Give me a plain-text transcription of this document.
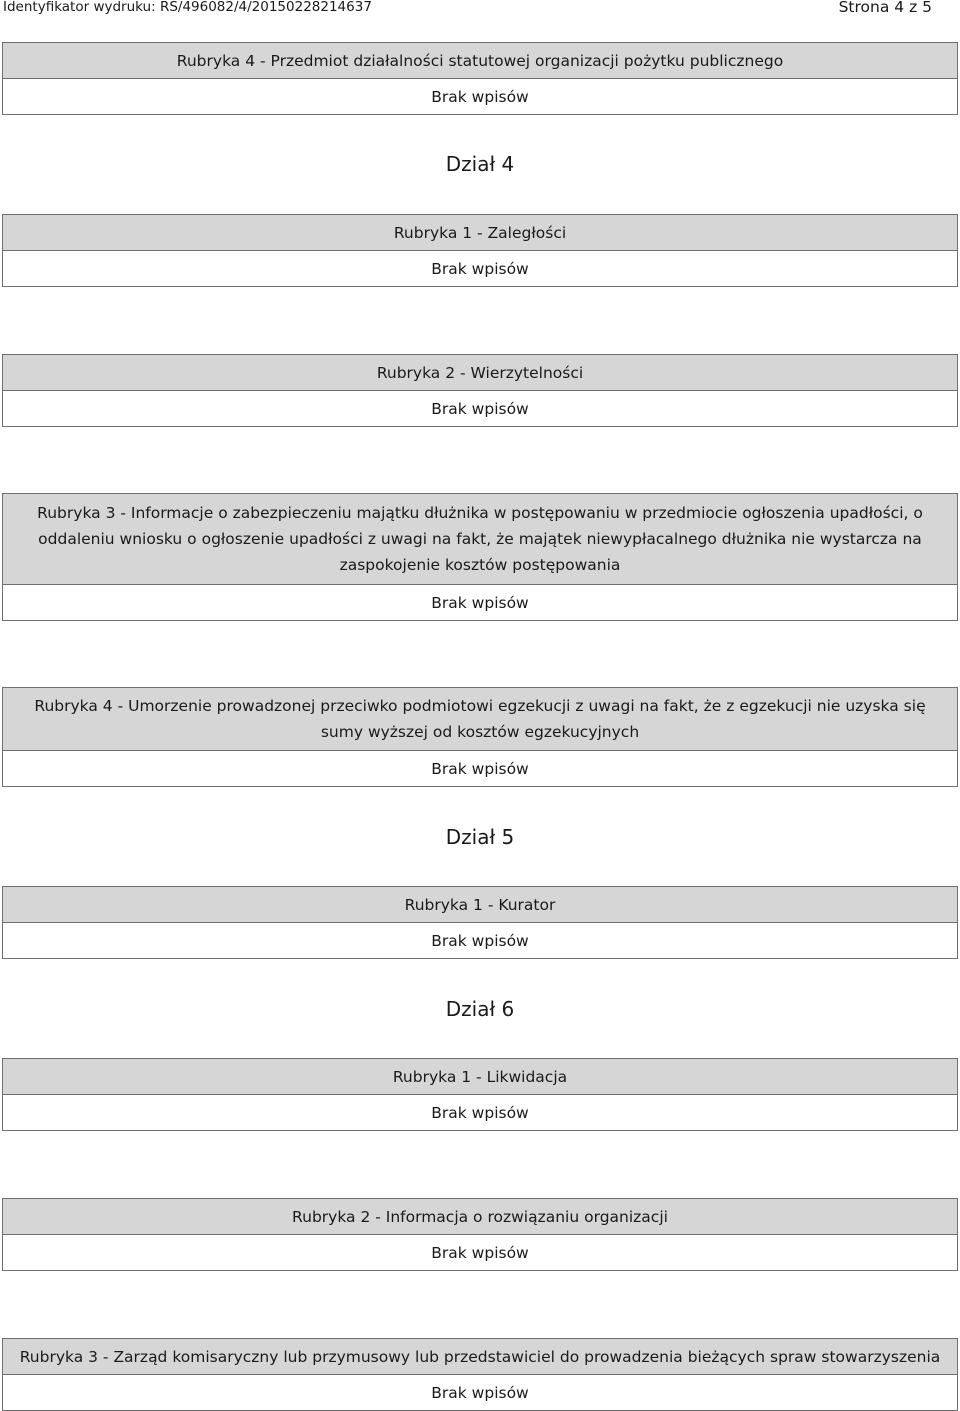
Identyfikator wydruku: RS/496082/4/20150228214637	Strona 4 z 5
Rubryka 4 - Przedmiot działalności statutowej organizacji pożytku publicznego
Brak wpisów
Dział 4
Rubryka 1 - Zaległości
Brak wpisów
Rubryka 2 - Wierzytelności
Brak wpisów
Rubryka 3 - Informacje o zabezpieczeniu majątku dłużnika w postępowaniu w przedmiocie ogłoszenia upadłości, o oddaleniu wniosku o ogłoszenie upadłości z uwagi na fakt, że majątek niewypłacalnego dłużnika nie wystarcza na zaspokojenie kosztów postępowania
Brak wpisów
Rubryka 4 - Umorzenie prowadzonej przeciwko podmiotowi egzekucji z uwagi na fakt, że z egzekucji nie uzyska się sumy wyższej od kosztów egzekucyjnych
Brak wpisów
Dział 5
Rubryka 1 - Kurator
Brak wpisów
Dział 6
Rubryka 1 - Likwidacja
Brak wpisów
Rubryka 2 - Informacja o rozwiązaniu organizacji
Brak wpisów
Rubryka 3 - Zarząd komisaryczny lub przymusowy lub przedstawiciel do prowadzenia bieżących spraw stowarzyszenia
Brak wpisów
